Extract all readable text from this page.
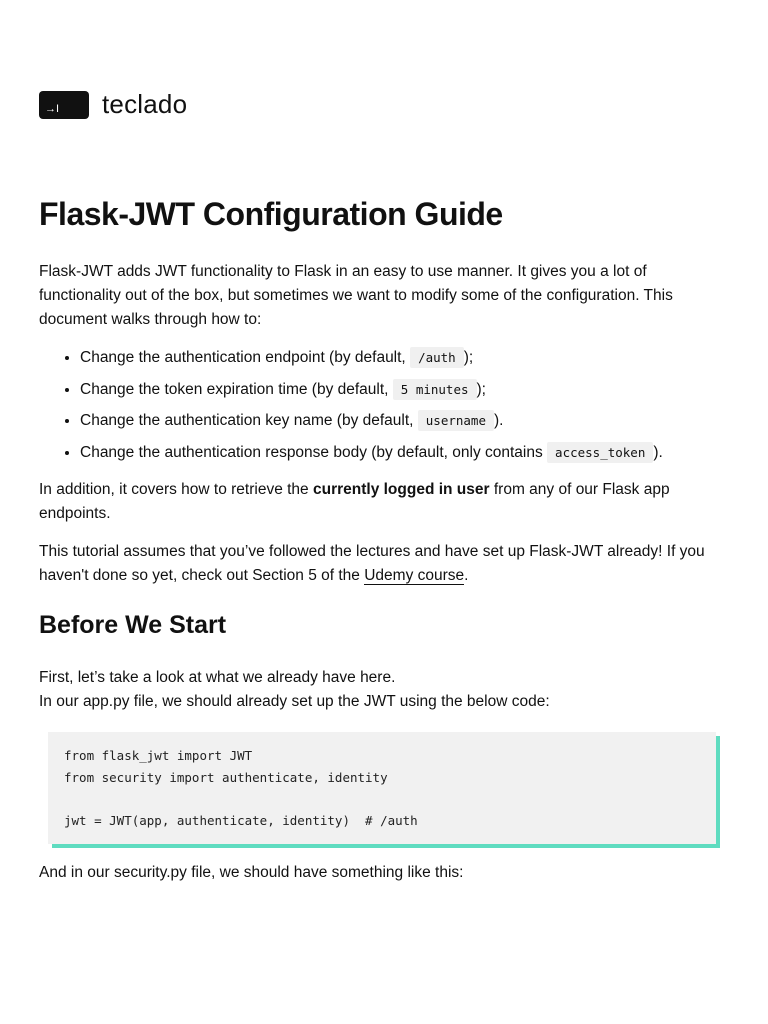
→I	teclado
Flask-JWT Configuration Guide

Flask-JWT adds JWT functionality to Flask in an easy to use manner. It gives you a lot of functionality out of the box, but sometimes we want to modify some of the configuration. This document walks through how to:

• Change the authentication endpoint (by default, /auth );
• Change the token expiration time (by default, 5 minutes );
• Change the authentication key name (by default, username ).
• Change the authentication response body (by default, only contains access_token ).

In addition, it covers how to retrieve the currently logged in user from any of our Flask app endpoints.

This tutorial assumes that you’ve followed the lectures and have set up Flask-JWT already! If you haven't done so yet, check out Section 5 of the Udemy course.

Before We Start

First, let’s take a look at what we already have here.

In our app.py file, we should already set up the JWT using the below code:

from flask_jwt import JWT
from security import authenticate, identity

jwt = JWT(app, authenticate, identity)  # /auth

And in our security.py file, we should have something like this:
